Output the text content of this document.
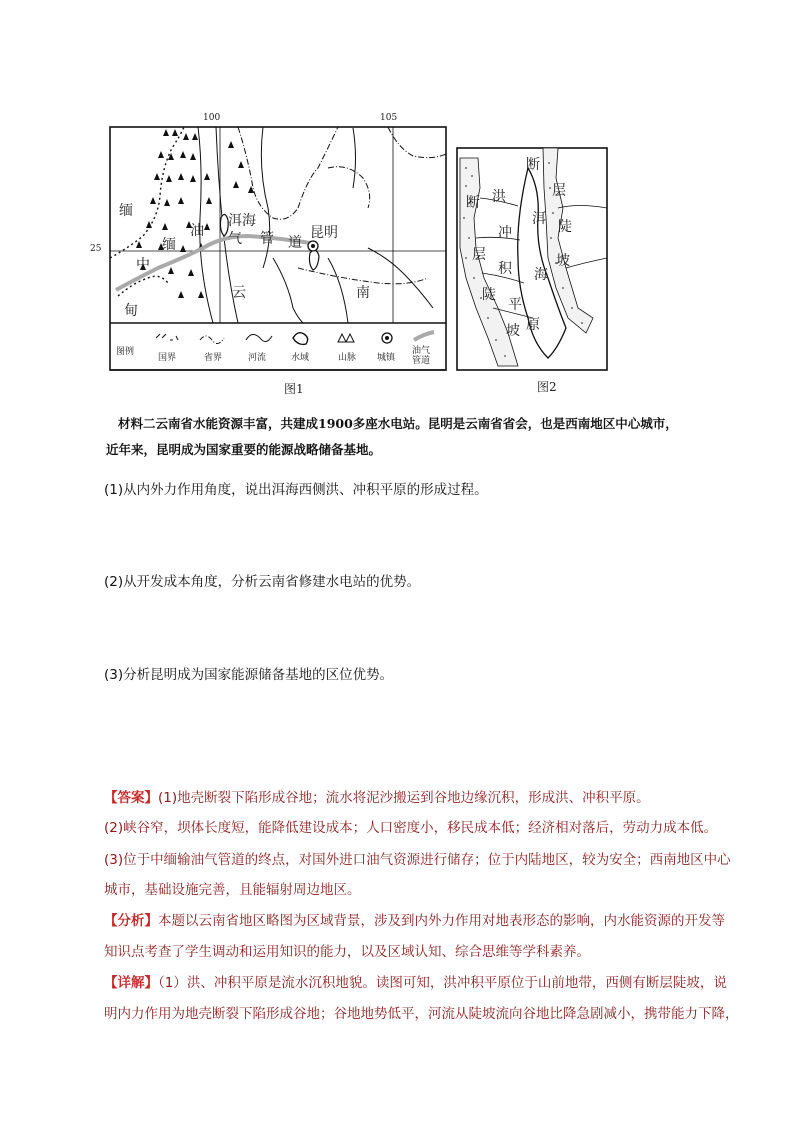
100	105
25
缅
中
甸
缅
油
洱海
气 管 道
昆明
云	南
图例
国界	省界	河流	水域	山脉 城镇
油气管道
图1
断
层
陡
坡
洪
冲
积
平
原
断
层
陡
坡
洱
海
图2
材料二云南省水能资源丰富，共建成1900多座水电站。昆明是云南省省会，也是西南地区中心城市，
近年来，昆明成为国家重要的能源战略储备基地。
(1)从内外力作用角度，说出洱海西侧洪、冲积平原的形成过程。
(2)从开发成本角度，分析云南省修建水电站的优势。
(3)分析昆明成为国家能源储备基地的区位优势。
【答案】(1)地壳断裂下陷形成谷地；流水将泥沙搬运到谷地边缘沉积，形成洪、冲积平原。
(2)峡谷窄，坝体长度短，能降低建设成本；人口密度小，移民成本低；经济相对落后，劳动力成本低。
(3)位于中缅输油气管道的终点，对国外进口油气资源进行储存；位于内陆地区，较为安全；西南地区中心
城市，基础设施完善，且能辐射周边地区。
【分析】本题以云南省地区略图为区域背景，涉及到内外力作用对地表形态的影响，内水能资源的开发等
知识点考查了学生调动和运用知识的能力，以及区域认知、综合思维等学科素养。
【详解】（1）洪、冲积平原是流水沉积地貌。读图可知，洪冲积平原位于山前地带，西侧有断层陡坡，说
明内力作用为地壳断裂下陷形成谷地；谷地地势低平，河流从陡坡流向谷地比降急剧减小，携带能力下降，
